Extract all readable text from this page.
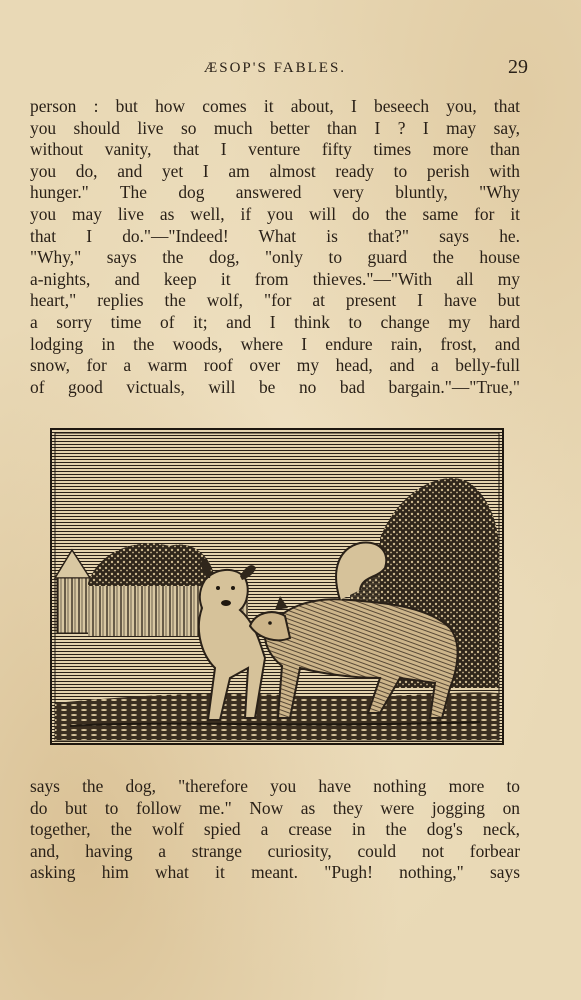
ÆSOP'S FABLES.	29
person : but how comes it about, I beseech you, that
you should live so much better than I ? I may say,
without vanity, that I venture fifty times more than
you do, and yet I am almost ready to perish with
hunger." The dog answered very bluntly, "Why
you may live as well, if you will do the same for it
that I do."—"Indeed! What is that?" says he.
"Why," says the dog, "only to guard the house
a-nights, and keep it from thieves."—"With all my
heart," replies the wolf, "for at present I have but
a sorry time of it; and I think to change my hard
lodging in the woods, where I endure rain, frost, and
snow, for a warm roof over my head, and a belly-full
of good victuals, will be no bad bargain."—"True,"
says the dog, "therefore you have nothing more to
do but to follow me." Now as they were jogging on
together, the wolf spied a crease in the dog's neck,
and, having a strange curiosity, could not forbear
asking him what it meant. "Pugh! nothing," says
